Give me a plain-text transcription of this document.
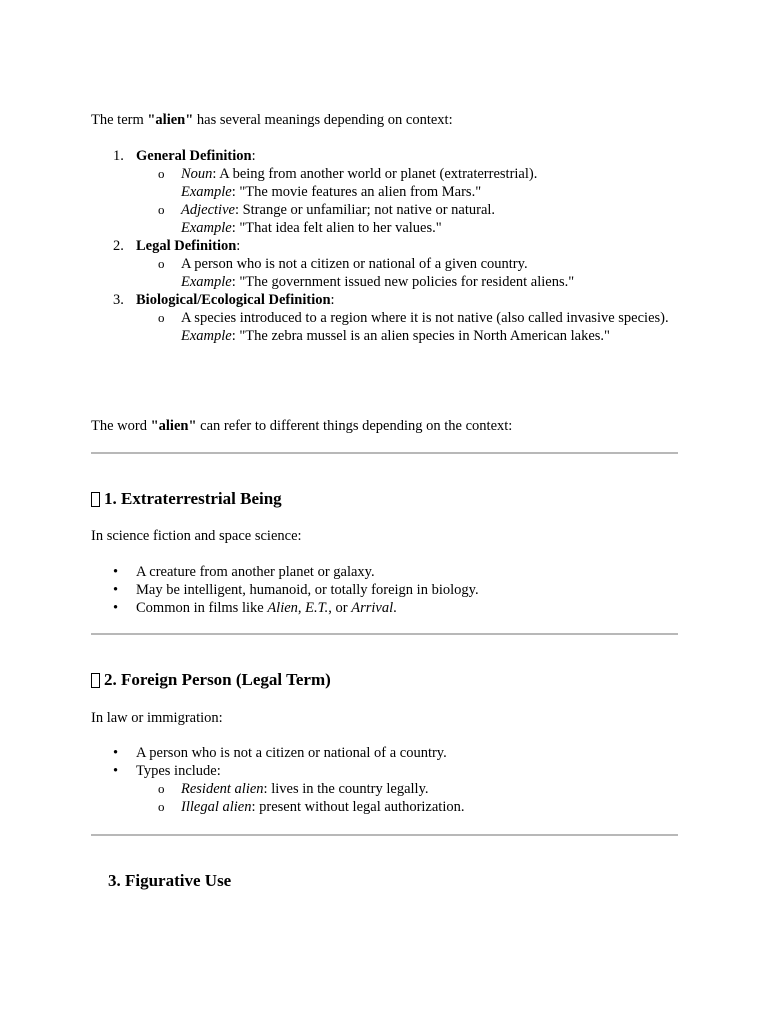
The term "alien" has several meanings depending on context:

1. General Definition:
o Noun: A being from another world or planet (extraterrestrial).
Example: "The movie features an alien from Mars."
o Adjective: Strange or unfamiliar; not native or natural.
Example: "That idea felt alien to her values."
2. Legal Definition:
o A person who is not a citizen or national of a given country.
Example: "The government issued new policies for resident aliens."
3. Biological/Ecological Definition:
o A species introduced to a region where it is not native (also called invasive species).
Example: "The zebra mussel is an alien species in North American lakes."

The word "alien" can refer to different things depending on the context:

1. Extraterrestrial Being

In science fiction and space science:

• A creature from another planet or galaxy.
• May be intelligent, humanoid, or totally foreign in biology.
• Common in films like Alien, E.T., or Arrival.
2. Foreign Person (Legal Term)

In law or immigration:

• A person who is not a citizen or national of a country.
• Types include:
o Resident alien: lives in the country legally.
o Illegal alien: present without legal authorization.
3. Figurative Use
